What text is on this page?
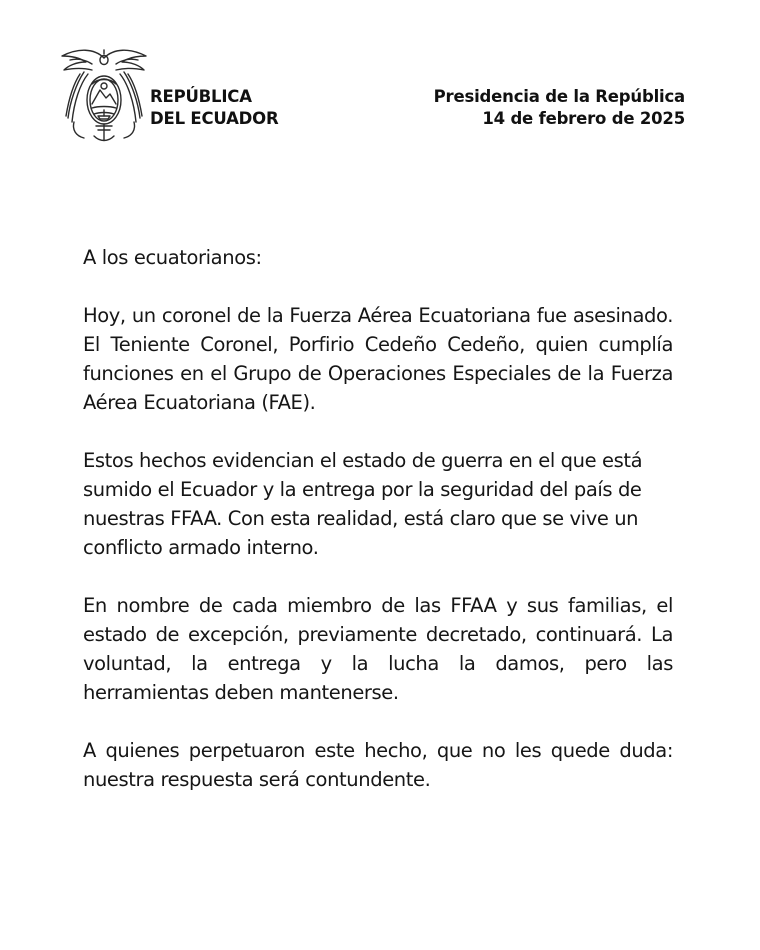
REPÚBLICA
DEL ECUADOR
Presidencia de la República
14 de febrero de 2025

A los ecuatorianos:

Hoy, un coronel de la Fuerza Aérea Ecuatoriana fue asesinado. El Teniente Coronel, Porfirio Cedeño Cedeño, quien cumplía funciones en el Grupo de Operaciones Especiales de la Fuerza Aérea Ecuatoriana (FAE).

Estos hechos evidencian el estado de guerra en el que está sumido el Ecuador y la entrega por la seguridad del país de nuestras FFAA. Con esta realidad, está claro que se vive un conflicto armado interno.

En nombre de cada miembro de las FFAA y sus familias, el estado de excepción, previamente decretado, continuará. La voluntad, la entrega y la lucha la damos, pero las herramientas deben mantenerse.

A quienes perpetuaron este hecho, que no les quede duda: nuestra respuesta será contundente.
